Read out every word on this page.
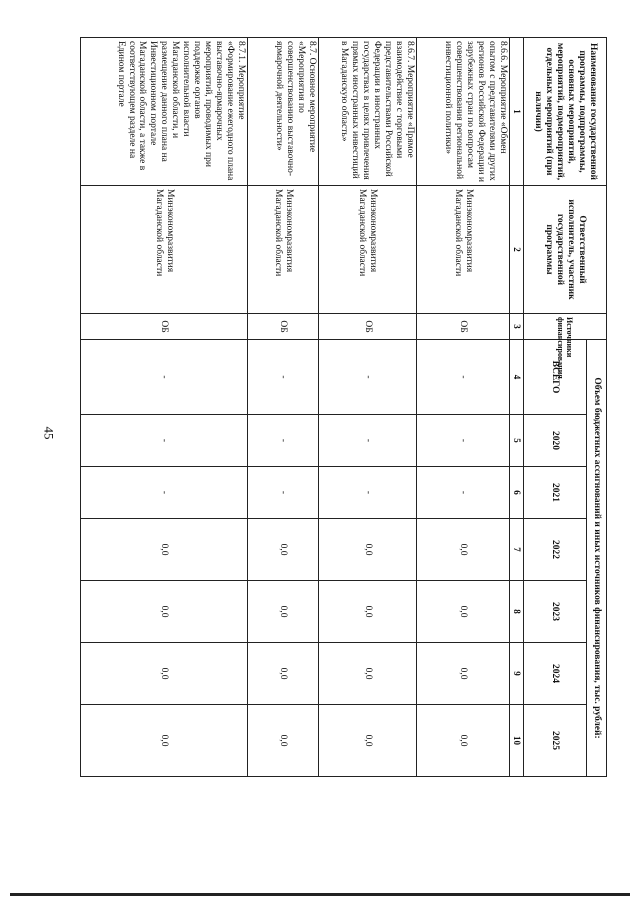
45
Наименование государственной программы, подпрограммы, основных мероприятий, мероприятий, подмероприятий, отдельных мероприятий (при наличии)	Ответственный исполнитель, участник государственной программы	Источники финансирования	Объем бюджетных ассигнований и иных источников финансирования, тыс. рублей:						
			ВСЕГО	2020	2021	2022	2023	2024	2025
1	2	3	4	5	6	7	8	9	10
8.6.6. Мероприятие «Обмен опытом с представителями других регионов Российской Федерации и зарубежных стран по вопросам совершенствования региональной инвестиционной политики»	Минэкономразвития Магаданской области	ОБ	-	-	-	0,0	0,0	0,0	0,0
8.6.7. Мероприятие «Прямое взаимодействие с торговыми представительствами Российской Федерации в иностранных государствах в целях привлечения прямых иностранных инвестиций в Магаданскую область»	Минэкономразвития Магаданской области	ОБ	-	-	-	0,0	0,0	0,0	0,0
8.7. Основное мероприятие «Мероприятия по совершенствованию выставочно-ярмарочной деятельности»	Минэкономразвития Магаданской области	ОБ	-	-	-	0,0	0,0	0,0	0,0
8.7.1. Мероприятие «Формирование ежегодного плана выставочно-ярмарочных мероприятий, проводимых при поддержке органов исполнительной власти Магаданской области, и размещение данного плана на Инвестиционном портале Магаданской области, а также в соответствующем разделе на Едином портале	Минэкономразвития Магаданской области	ОБ	-	-	-	0,0	0,0	0,0	0,0
